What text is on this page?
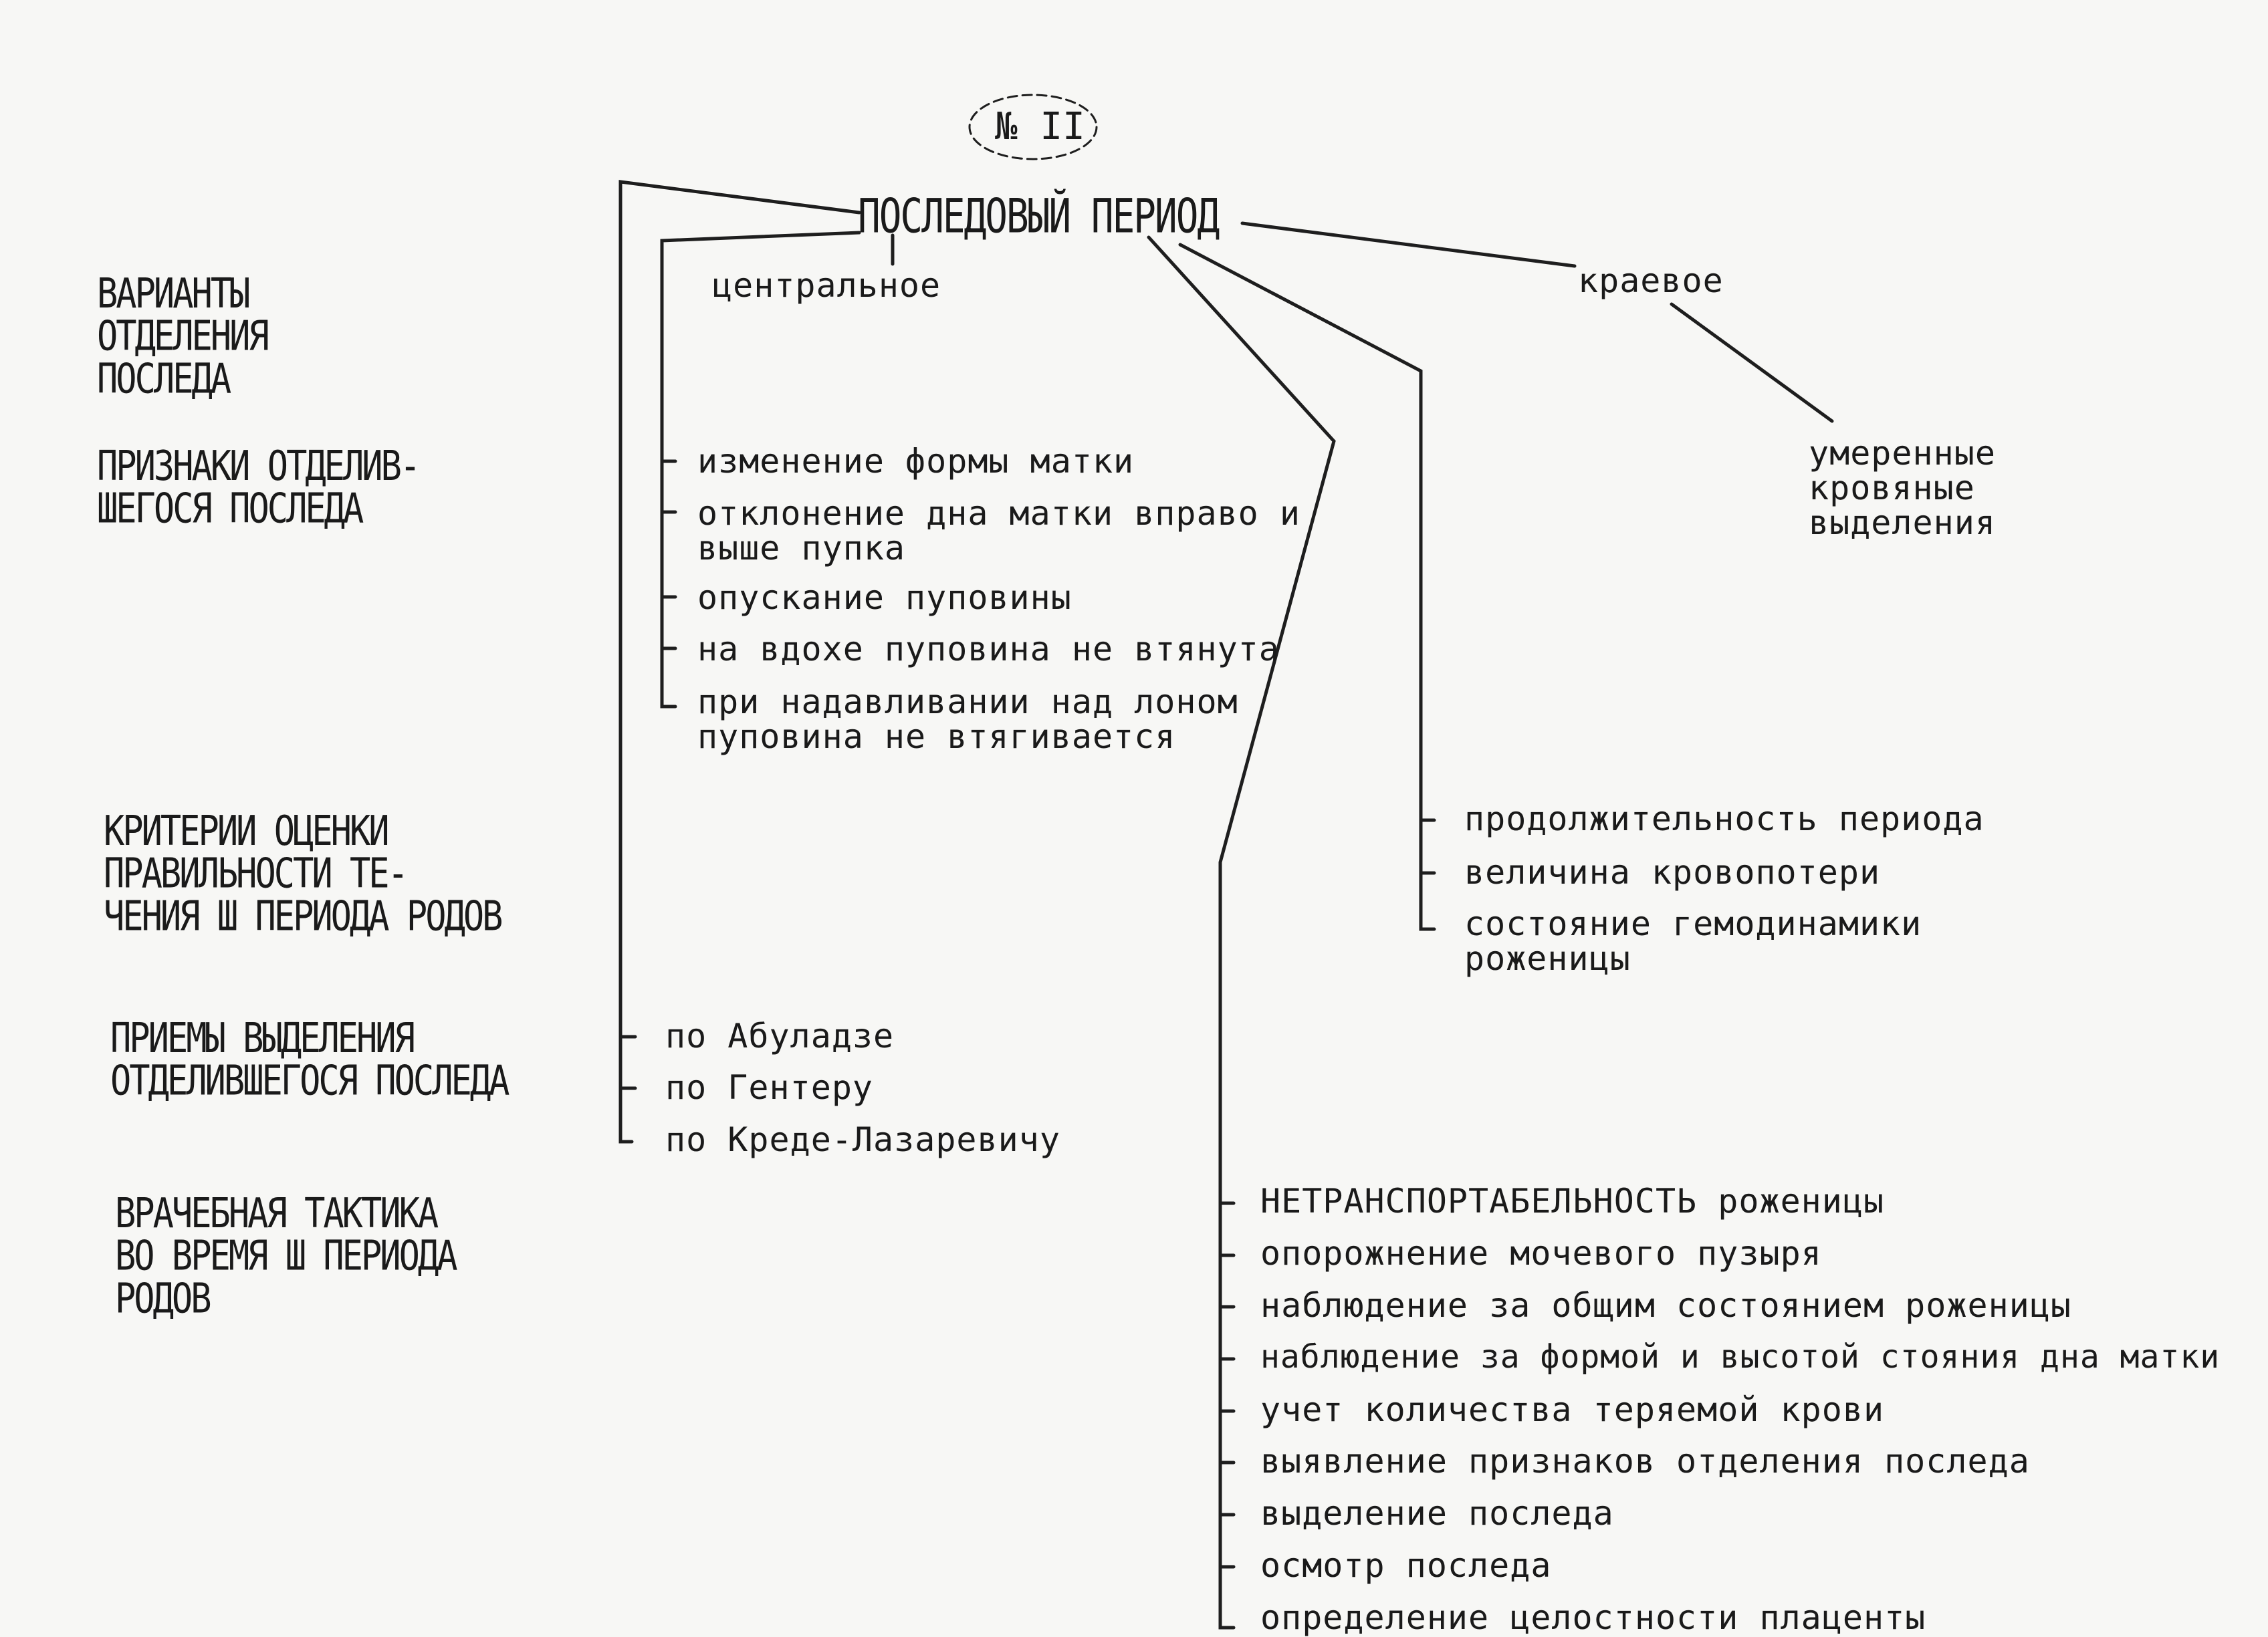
№ II
ПОСЛЕДОВЫЙ ПЕРИОД
ВАРИАНТЫ
ОТДЕЛЕНИЯ
ПОСЛЕДА
ПРИЗНАКИ ОТДЕЛИВ-
ШЕГОСЯ ПОСЛЕДА
КРИТЕРИИ ОЦЕНКИ
ПРАВИЛЬНОСТИ ТЕ-
ЧЕНИЯ Ш ПЕРИОДА РОДОВ
ПРИЕМЫ ВЫДЕЛЕНИЯ
ОТДЕЛИВШЕГОСЯ ПОСЛЕДА
ВРАЧЕБНАЯ ТАКТИКА
ВО ВРЕМЯ Ш ПЕРИОДА
РОДОВ
центральное	краевое
умеренные
кровяные
выделения
изменение формы матки
отклонение дна матки вправо и
выше пупка
опускание пуповины
на вдохе пуповина не втянута
при надавливании над лоном
пуповина не втягивается
продолжительность периода
величина кровопотери
состояние гемодинамики
роженицы
по Абуладзе
по Гентеру
по Креде-Лазаревичу
НЕТРАНСПОРТАБЕЛЬНОСТЬ роженицы
опорожнение мочевого пузыря
наблюдение за общим состоянием роженицы
наблюдение за формой и высотой стояния дна матки
учет количества теряемой крови
выявление признаков отделения последа
выделение последа
осмотр последа
определение целостности плаценты
